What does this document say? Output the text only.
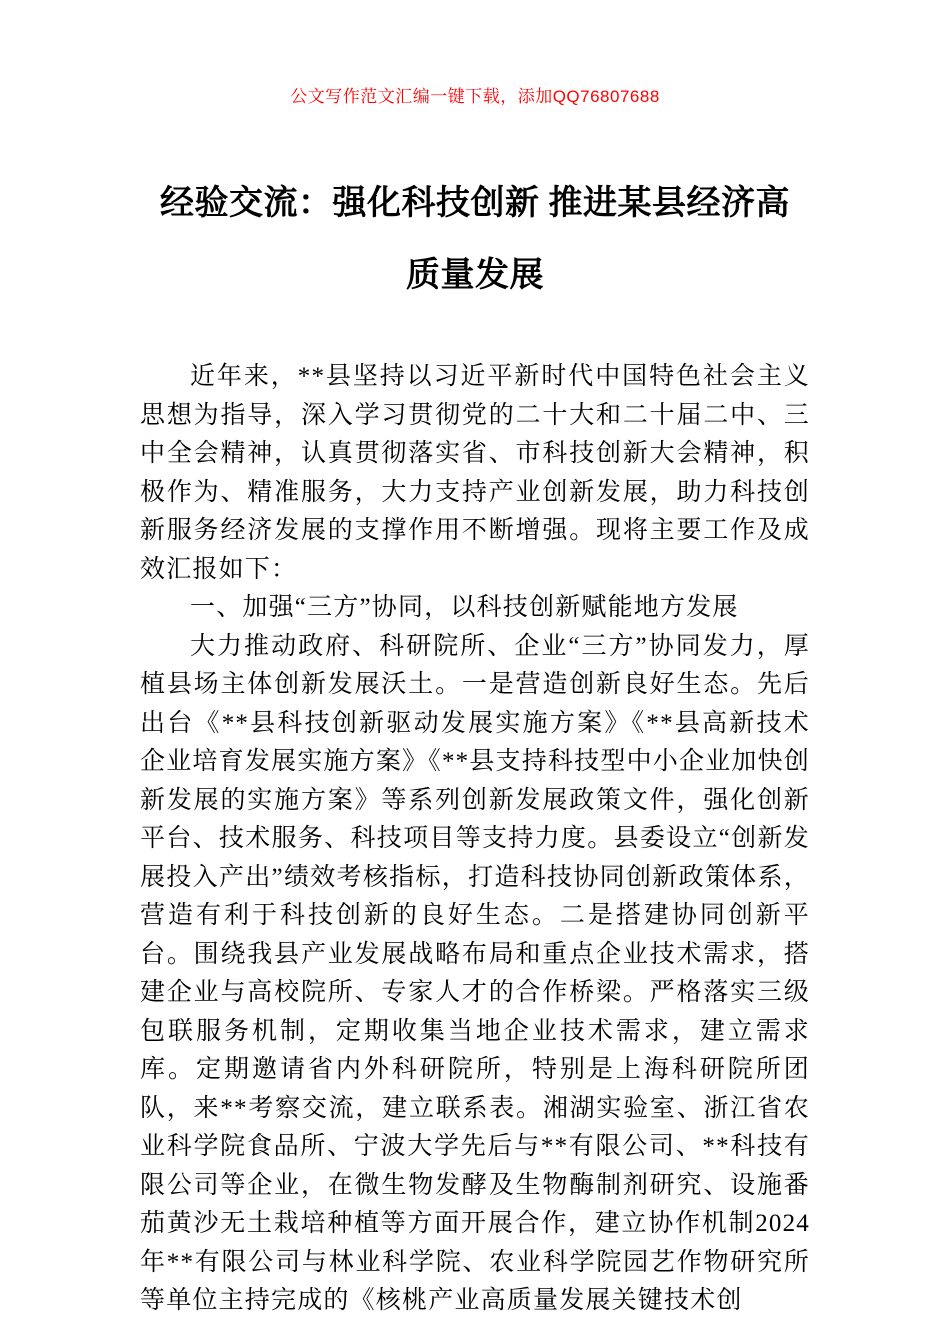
公文写作范文汇编一键下载，添加QQ76807688
经验交流：强化科技创新 推进某县经济高质量发展

近年来，**县坚持以习近平新时代中国特色社会主义思想为指导，深入学习贯彻党的二十大和二十届二中、三中全会精神，认真贯彻落实省、市科技创新大会精神，积极作为、精准服务，大力支持产业创新发展，助力科技创新服务经济发展的支撑作用不断增强。现将主要工作及成效汇报如下：

一、加强“三方”协同，以科技创新赋能地方发展

大力推动政府、科研院所、企业“三方”协同发力，厚植县场主体创新发展沃土。一是营造创新良好生态。先后出台《**县科技创新驱动发展实施方案》《**县高新技术企业培育发展实施方案》《**县支持科技型中小企业加快创新发展的实施方案》等系列创新发展政策文件，强化创新平台、技术服务、科技项目等支持力度。县委设立“创新发展投入产出”绩效考核指标，打造科技协同创新政策体系，营造有利于科技创新的良好生态。二是搭建协同创新平台。围绕我县产业发展战略布局和重点企业技术需求，搭建企业与高校院所、专家人才的合作桥梁。严格落实三级包联服务机制，定期收集当地企业技术需求，建立需求库。定期邀请省内外科研院所，特别是上海科研院所团队，来**考察交流，建立联系表。湘湖实验室、浙江省农业科学院食品所、宁波大学先后与**有限公司、**科技有限公司等企业，在微生物发酵及生物酶制剂研究、设施番茄黄沙无土栽培种植等方面开展合作，建立协作机制2024年**有限公司与林业科学院、农业科学院园艺作物研究所等单位主持完成的《核桃产业高质量发展关键技术创
